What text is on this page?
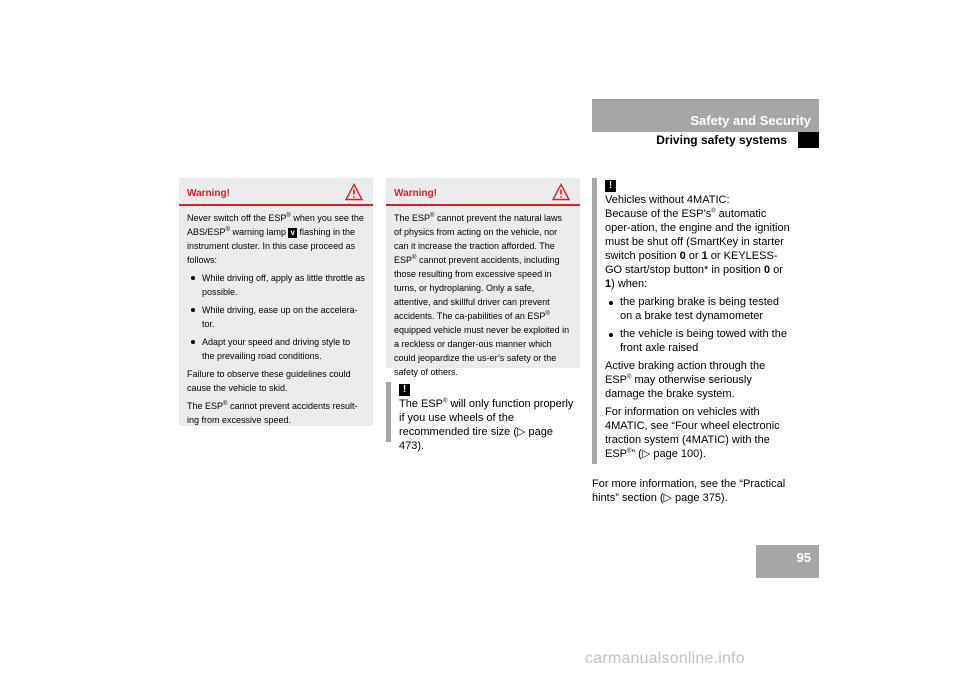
Safety and Security
Driving safety systems
Warning!

Never switch off the ESP® when you see the ABS/ESP® warning lamp v flashing in the instrument cluster. In this case proceed as follows:

While driving off, apply as little throttle as possible.
While driving, ease up on the accelera-tor.
Adapt your speed and driving style to the prevailing road conditions.

Failure to observe these guidelines could cause the vehicle to skid.

The ESP® cannot prevent accidents result-ing from excessive speed.

Warning!

The ESP® cannot prevent the natural laws of physics from acting on the vehicle, nor can it increase the traction afforded. The ESP® cannot prevent accidents, including those resulting from excessive speed in turns, or hydroplaning. Only a safe, attentive, and skillful driver can prevent accidents. The ca-pabilities of an ESP® equipped vehicle must never be exploited in a reckless or danger-ous manner which could jeopardize the us-er’s safety or the safety of others.

!

The ESP® will only function properly if you use wheels of the recommended tire size (▷ page 473).

!

Vehicles without 4MATIC:

Because of the ESP’s® automatic oper-ation, the engine and the ignition must be shut off (SmartKey in starter switch position 0 or 1 or KEYLESS-GO start/stop button* in position 0 or 1) when:

the parking brake is being tested on a brake test dynamometer
the vehicle is being towed with the front axle raised

Active braking action through the ESP® may otherwise seriously damage the brake system.

For information on vehicles with 4MATIC, see “Four wheel electronic traction system (4MATIC) with the ESP®” (▷ page 100).

For more information, see the “Practical hints” section (▷ page 375).
95
carmanualsonline.info
